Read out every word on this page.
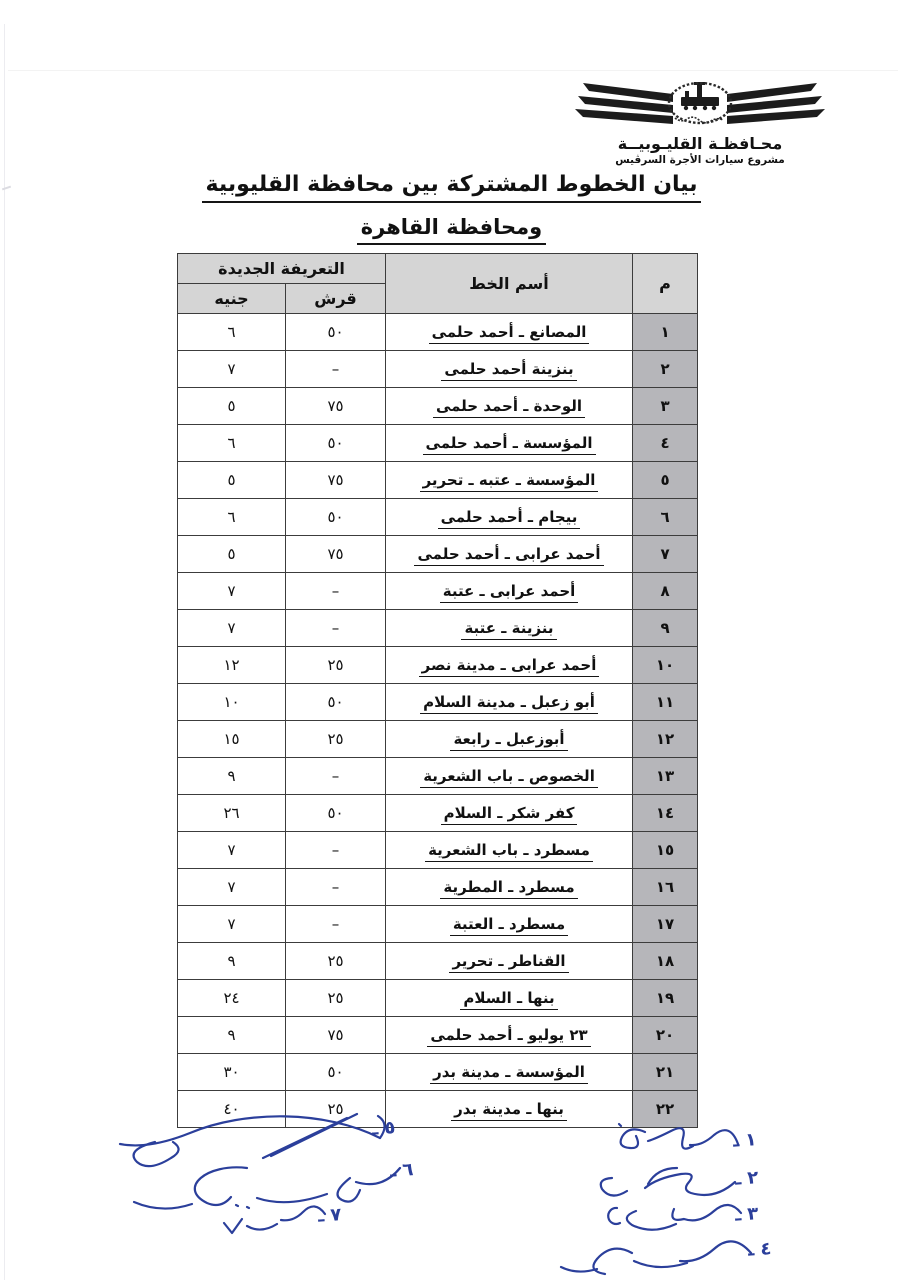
محـافظـة القليـوبيــة
مشروع سيارات الأجرة السرڤيس
بيان الخطوط المشتركة بين محافظة القليوبية
ومحافظة القاهرة
م	أسم الخط	التعريفة الجديدة	
		قرش	جنيه
١	المصانع ـ أحمد حلمى	٥٠	٦
٢	بنزينة أحمد حلمى	–	٧
٣	الوحدة ـ أحمد حلمى	٧٥	٥
٤	المؤسسة ـ أحمد حلمى	٥٠	٦
٥	المؤسسة ـ عتبه ـ تحرير	٧٥	٥
٦	بيجام ـ أحمد حلمى	٥٠	٦
٧	أحمد عرابى ـ أحمد حلمى	٧٥	٥
٨	أحمد عرابى ـ عتبة	–	٧
٩	بنزينة ـ عتبة	–	٧
١٠	أحمد عرابى ـ مدينة نصر	٢٥	١٢
١١	أبو زعبل ـ مدينة السلام	٥٠	١٠
١٢	أبوزعبل ـ رابعة	٢٥	١٥
١٣	الخصوص ـ باب الشعرية	–	٩
١٤	كفر شكر ـ السلام	٥٠	٢٦
١٥	مسطرد ـ باب الشعرية	–	٧
١٦	مسطرد ـ المطرية	–	٧
١٧	مسطرد ـ العتبة	–	٧
١٨	القناطر ـ تحرير	٢٥	٩
١٩	بنها ـ السلام	٢٥	٢٤
٢٠	٢٣ يوليو ـ أحمد حلمى	٧٥	٩
٢١	المؤسسة ـ مدينة بدر	٥٠	٣٠
٢٢	بنها ـ مدينة بدر	٢٥	٤٠
١ ـ
٢ ـ
٣ ـ
٤ ـ
٥ ـ
٦ ـ
٧ ـ
